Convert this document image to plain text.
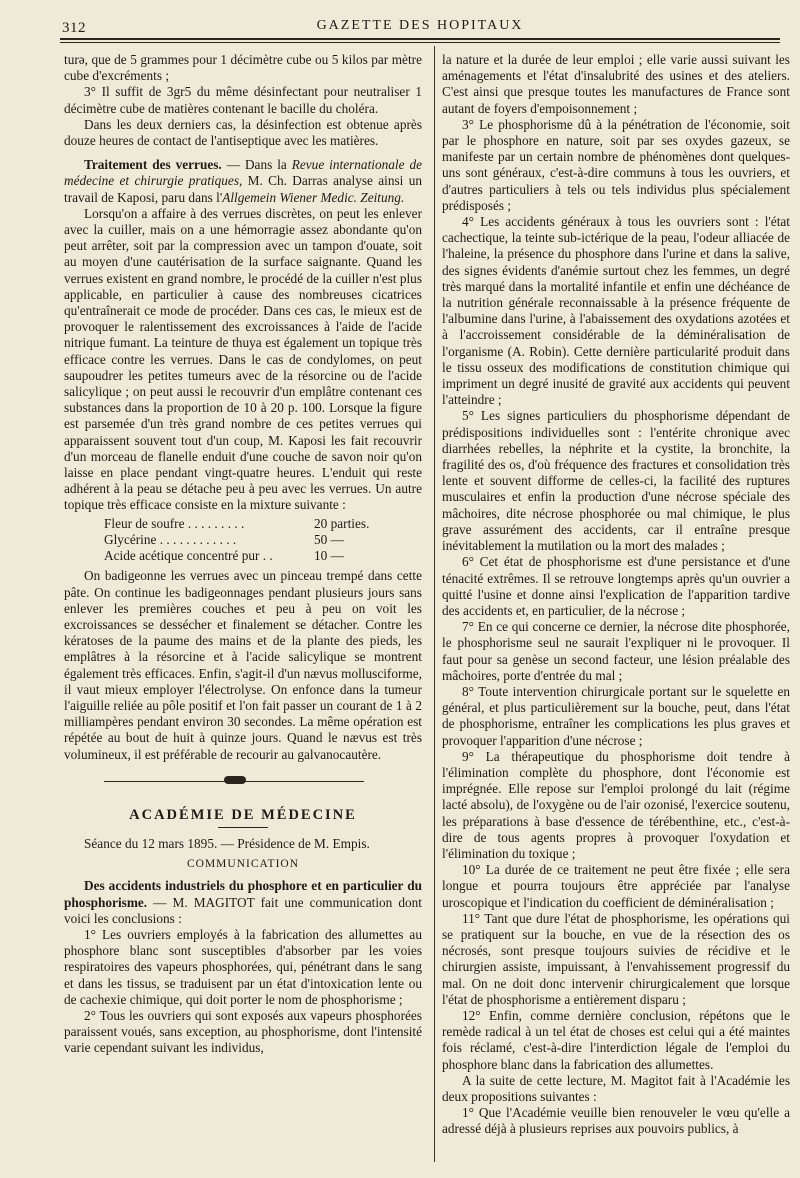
312	GAZETTE DES HOPITAUX

turə, que de 5 grammes pour 1 décimètre cube ou 5 kilos par mètre cube d'excréments ;

3° Il suffit de 3gr5 du même désinfectant pour neutraliser 1 décimètre cube de matières contenant le bacille du choléra.

Dans les deux derniers cas, la désinfection est obtenue après douze heures de contact de l'antiseptique avec les matières.

Traitement des verrues. — Dans la Revue internationale de médecine et chirurgie pratiques, M. Ch. Darras analyse ainsi un travail de Kaposi, paru dans l'Allgemein Wiener Medic. Zeitung.

Lorsqu'on a affaire à des verrues discrètes, on peut les enlever avec la cuiller, mais on a une hémorragie assez abondante qu'on peut arrêter, soit par la compression avec un tampon d'ouate, soit au moyen d'une cautérisation de la surface saignante. Quand les verrues existent en grand nombre, le procédé de la cuiller n'est plus applicable, en particulier à cause des nombreuses cicatrices qu'entraînerait ce mode de procéder. Dans ces cas, le mieux est de provoquer le ralentissement des excroissances à l'aide de l'acide nitrique fumant. La teinture de thuya est également un topique très efficace contre les verrues. Dans le cas de condylomes, on peut saupoudrer les petites tumeurs avec de la résorcine ou de l'acide salicylique ; on peut aussi le recouvrir d'un emplâtre contenant ces substances dans la proportion de 10 à 20 p. 100. Lorsque la figure est parsemée d'un très grand nombre de ces petites verrues qui apparaissent souvent tout d'un coup, M. Kaposi les fait recouvrir d'un morceau de flanelle enduit d'une couche de savon noir qu'on laisse en place pendant vingt-quatre heures. L'enduit qui reste adhérent à la peau se détache peu à peu avec les verrues. Un autre topique très efficace consiste en la mixture suivante :

Fleur de soufre . . . . . . . . .	20 parties.
Glycérine . . . . . . . . . . . .	50 —
Acide acétique concentré pur . .	10 —

On badigeonne les verrues avec un pinceau trempé dans cette pâte. On continue les badigeonnages pendant plusieurs jours sans enlever les premières couches et peu à peu on voit les excroissances se dessécher et finalement se détacher. Contre les kératoses de la paume des mains et de la plante des pieds, les emplâtres à la résorcine et à l'acide salicylique se montrent également très efficaces. Enfin, s'agit-il d'un nævus mollusciforme, il vaut mieux employer l'électrolyse. On enfonce dans la tumeur l'aiguille reliée au pôle positif et l'on fait passer un courant de 1 à 2 milliampères pendant environ 30 secondes. La même opération est répétée au bout de huit à quinze jours. Quand le nævus est très volumineux, il est préférable de recourir au galvanocautère.

ACADÉMIE DE MÉDECINE

Séance du 12 mars 1895. — Présidence de M. Empis.

COMMUNICATION

Des accidents industriels du phosphore et en particulier du phosphorisme. — M. MAGITOT fait une communication dont voici les conclusions :

1° Les ouvriers employés à la fabrication des allumettes au phosphore blanc sont susceptibles d'absorber par les voies respiratoires des vapeurs phosphorées, qui, pénétrant dans le sang et dans les tissus, se traduisent par un état d'intoxication lente ou de cachexie chimique, qui doit porter le nom de phosphorisme ;

2° Tous les ouvriers qui sont exposés aux vapeurs phosphorées paraissent voués, sans exception, au phosphorisme, dont l'intensité varie cependant suivant les individus,

la nature et la durée de leur emploi ; elle varie aussi suivant les aménagements et l'état d'insalubrité des usines et des ateliers. C'est ainsi que presque toutes les manufactures de France sont autant de foyers d'empoisonnement ;

3° Le phosphorisme dû à la pénétration de l'économie, soit par le phosphore en nature, soit par ses oxydes gazeux, se manifeste par un certain nombre de phénomènes dont quelques-uns sont généraux, c'est-à-dire communs à tous les ouvriers, et d'autres particuliers à tels ou tels individus plus spécialement prédisposés ;

4° Les accidents généraux à tous les ouvriers sont : l'état cachectique, la teinte sub-ictérique de la peau, l'odeur alliacée de l'haleine, la présence du phosphore dans l'urine et dans la salive, des signes évidents d'anémie surtout chez les femmes, un degré très marqué dans la mortalité infantile et enfin une déchéance de la nutrition générale reconnaissable à la présence fréquente de l'albumine dans l'urine, à l'abaissement des oxydations azotées et à l'accroissement considérable de la déminéralisation de l'organisme (A. Robin). Cette dernière particularité produit dans le tissu osseux des modifications de constitution chimique qui impriment un degré inusité de gravité aux accidents qui peuvent l'atteindre ;

5° Les signes particuliers du phosphorisme dépendant de prédispositions individuelles sont : l'entérite chronique avec diarrhées rebelles, la néphrite et la cystite, la bronchite, la fragilité des os, d'où fréquence des fractures et consolidation très lente et souvent difforme de celles-ci, la facilité des ruptures musculaires et enfin la production d'une nécrose spéciale des mâchoires, dite nécrose phosphorée ou mal chimique, le plus grave assurément des accidents, car il entraîne presque inévitablement la mutilation ou la mort des malades ;

6° Cet état de phosphorisme est d'une persistance et d'une ténacité extrêmes. Il se retrouve longtemps après qu'un ouvrier a quitté l'usine et donne ainsi l'explication de l'apparition tardive des accidents et, en particulier, de la nécrose ;

7° En ce qui concerne ce dernier, la nécrose dite phosphorée, le phosphorisme seul ne saurait l'expliquer ni le provoquer. Il faut pour sa genèse un second facteur, une lésion préalable des mâchoires, porte d'entrée du mal ;

8° Toute intervention chirurgicale portant sur le squelette en général, et plus particulièrement sur la bouche, peut, dans l'état de phosphorisme, entraîner les complications les plus graves et provoquer l'apparition d'une nécrose ;

9° La thérapeutique du phosphorisme doit tendre à l'élimination complète du phosphore, dont l'économie est imprégnée. Elle repose sur l'emploi prolongé du lait (régime lacté absolu), de l'oxygène ou de l'air ozonisé, l'exercice soutenu, les préparations à base d'essence de térébenthine, etc., c'est-à-dire de tous agents propres à provoquer l'oxydation et l'élimination du toxique ;

10° La durée de ce traitement ne peut être fixée ; elle sera longue et pourra toujours être appréciée par l'analyse uroscopique et l'indication du coefficient de déminéralisation ;

11° Tant que dure l'état de phosphorisme, les opérations qui se pratiquent sur la bouche, en vue de la résection des os nécrosés, sont presque toujours suivies de récidive et le chirurgien assiste, impuissant, à l'envahissement progressif du mal. On ne doit donc intervenir chirurgicalement que lorsque l'état de phosphorisme a entièrement disparu ;

12° Enfin, comme dernière conclusion, répétons que le remède radical à un tel état de choses est celui qui a été maintes fois réclamé, c'est-à-dire l'interdiction légale de l'emploi du phosphore blanc dans la fabrication des allumettes.

A la suite de cette lecture, M. Magitot fait à l'Académie les deux propositions suivantes :

1° Que l'Académie veuille bien renouveler le vœu qu'elle a adressé déjà à plusieurs reprises aux pouvoirs publics, à
